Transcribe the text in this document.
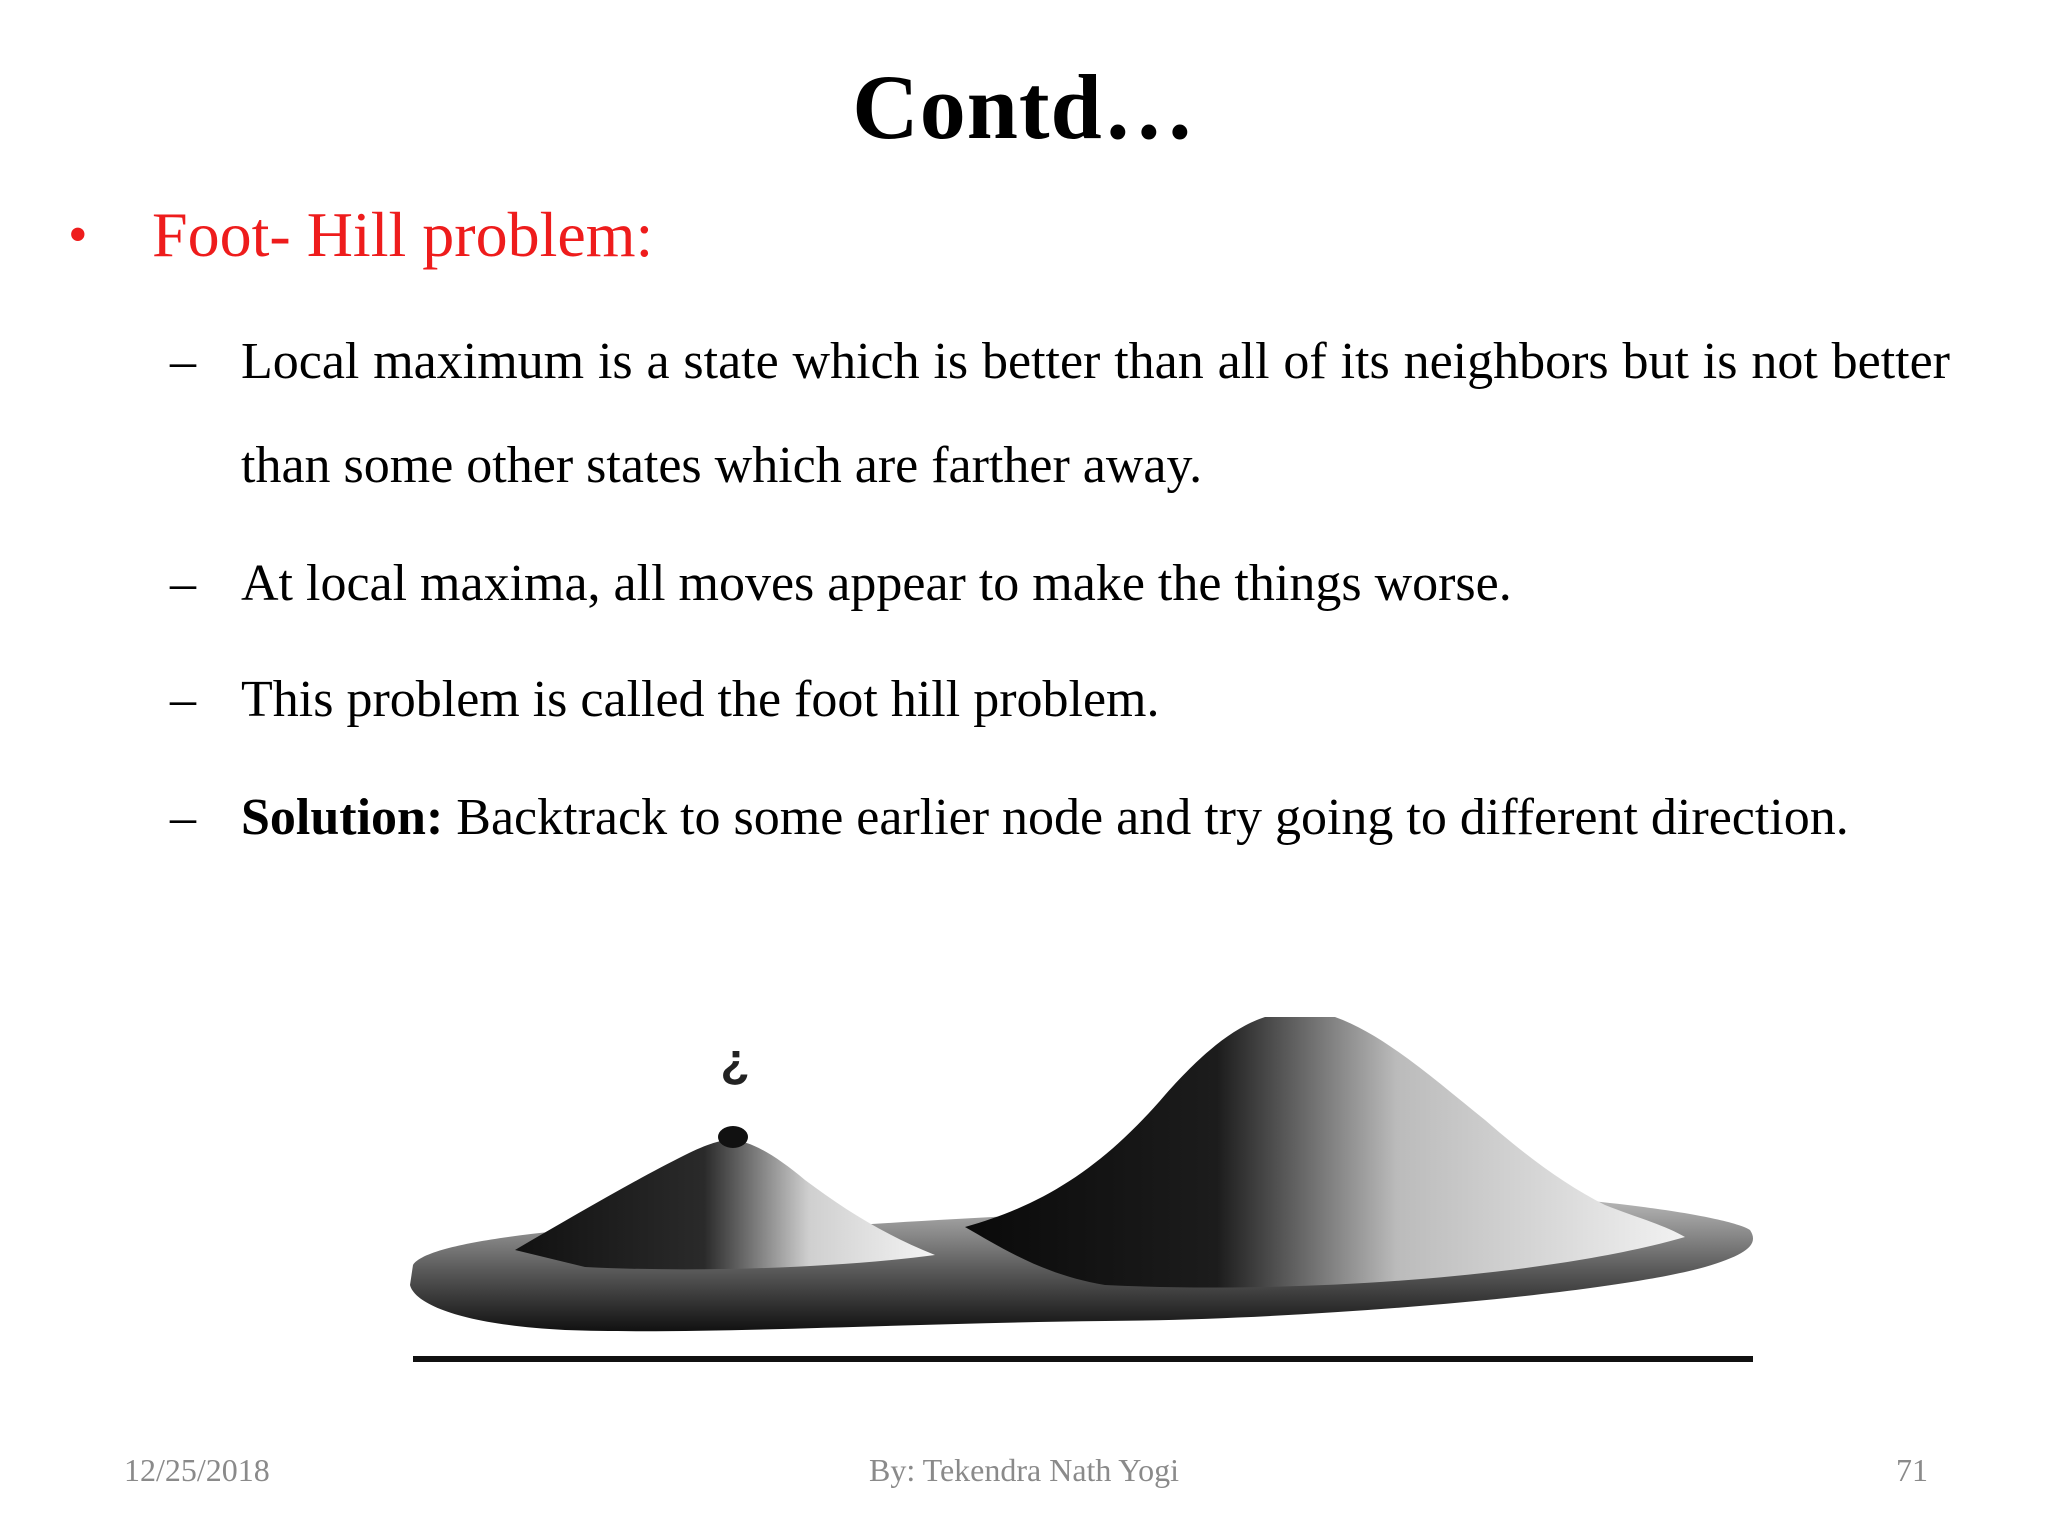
Contd…
•	Foot- Hill problem:
– Local maximum is a state which is better than all of its neighbors but is not better than some other states which are farther away.
– At local maxima, all moves appear to make the things worse.
– This problem is called the foot hill problem.
– Solution: Backtrack to some earlier node and try going to different direction.
?
12/25/2018	By: Tekendra Nath Yogi	71
